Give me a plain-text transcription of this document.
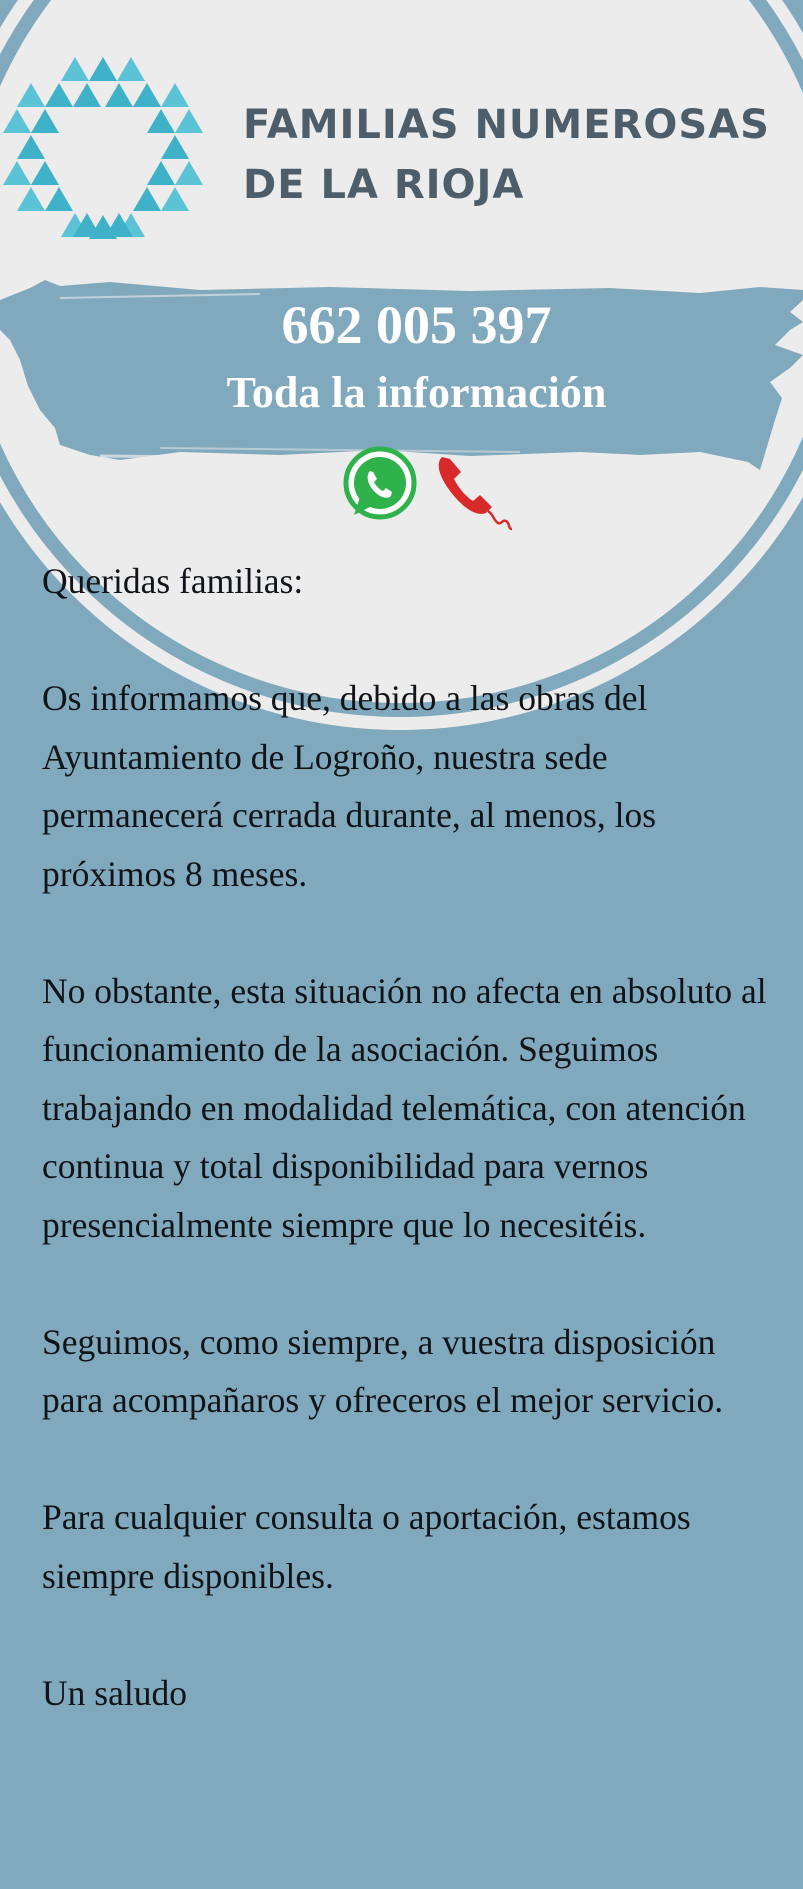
FAMILIAS NUMEROSAS
DE LA RIOJA
662 005 397
Toda la información

Queridas familias:

Os informamos que, debido a las obras del Ayuntamiento de Logroño, nuestra sede permanecerá cerrada durante, al menos, los próximos 8 meses.

No obstante, esta situación no afecta en absoluto al funcionamiento de la asociación. Seguimos trabajando en modalidad telemática, con atención continua y total disponibilidad para vernos presencialmente siempre que lo necesitéis.

Seguimos, como siempre, a vuestra disposición para acompañaros y ofreceros el mejor servicio.

Para cualquier consulta o aportación, estamos siempre disponibles.

Un saludo
